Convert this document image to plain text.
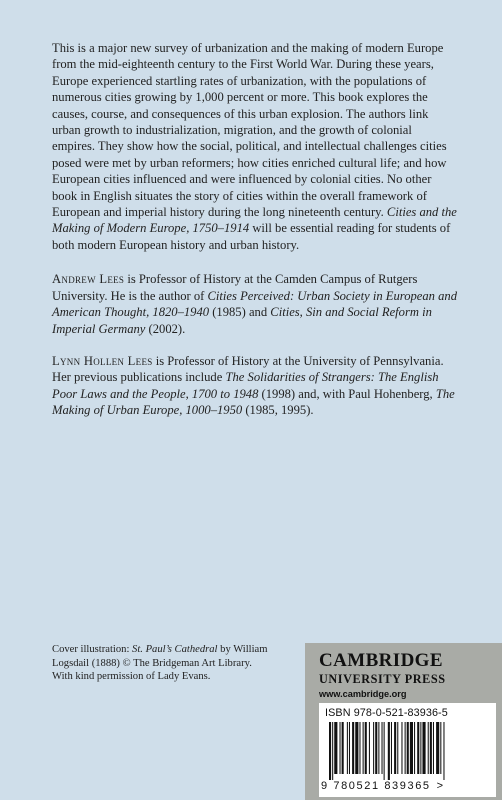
This is a major new survey of urbanization and the making of modern Europe from the mid-eighteenth century to the First World War. During these years, Europe experienced startling rates of urbanization, with the populations of numerous cities growing by 1,000 percent or more. This book explores the causes, course, and consequences of this urban explosion. The authors link urban growth to industrialization, migration, and the growth of colonial empires. They show how the social, political, and intellectual challenges cities posed were met by urban reformers; how cities enriched cultural life; and how European cities influenced and were influenced by colonial cities. No other book in English situates the story of cities within the overall framework of European and imperial history during the long nineteenth century. Cities and the Making of Modern Europe, 1750–1914 will be essential reading for students of both modern European history and urban history.

Andrew Lees is Professor of History at the Camden Campus of Rutgers University. He is the author of Cities Perceived: Urban Society in European and American Thought, 1820–1940 (1985) and Cities, Sin and Social Reform in Imperial Germany (2002).

Lynn Hollen Lees is Professor of History at the University of Pennsylvania. Her previous publications include The Solidarities of Strangers: The English Poor Laws and the People, 1700 to 1948 (1998) and, with Paul Hohenberg, The Making of Urban Europe, 1000–1950 (1985, 1995).

Cover illustration: St. Paul’s Cathedral by William Logsdail (1888) © The Bridgeman Art Library. With kind permission of Lady Evans.
CAMBRIDGE
UNIVERSITY PRESS
www.cambridge.org
ISBN 978-0-521-83936-5
9 780521 839365 >
